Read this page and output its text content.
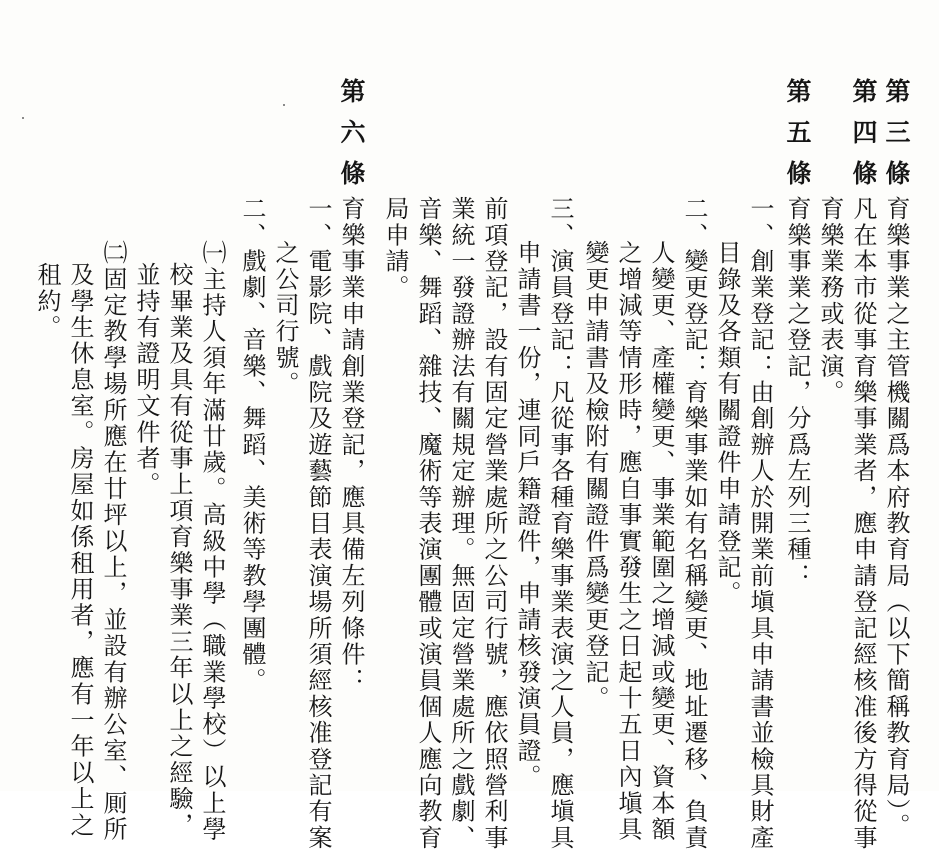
第三條
育樂事業之主管機關爲本府教育局（以下簡稱教育局）。
第四條
凡在本市從事育樂事業者，應申請登記經核准後方得從事
育樂業務或表演。
第五條
育樂事業之登記，分爲左列三種：
一、創業登記：由創辦人於開業前塡具申請書並檢具財產
目錄及各類有關證件申請登記。
二、變更登記：育樂事業如有名稱變更、地址遷移、負責
人變更、產權變更、事業範圍之增減或變更、資本額
之增減等情形時，應自事實發生之日起十五日內塡具
變更申請書及檢附有關證件爲變更登記。
三、演員登記：凡從事各種育樂事業表演之人員，應塡具
申請書一份，連同戶籍證件，申請核發演員證。
前項登記，設有固定營業處所之公司行號，應依照營利事
業統一發證辦法有關規定辦理。無固定營業處所之戲劇、
音樂、舞蹈、雜技、魔術等表演團體或演員個人應向教育
局申請。
第六條
育樂事業申請創業登記，應具備左列條件：
一、電影院、戲院及遊藝節目表演場所須經核准登記有案
之公司行號。
二、戲劇、音樂、舞蹈、美術等教學團體。
㈠主持人須年滿廿歲。高級中學（職業學校）以上學
校畢業及具有從事上項育樂事業三年以上之經驗，
並持有證明文件者。
㈡固定教學場所應在廿坪以上，並設有辦公室、厠所
及學生休息室。房屋如係租用者，應有一年以上之
租約。
